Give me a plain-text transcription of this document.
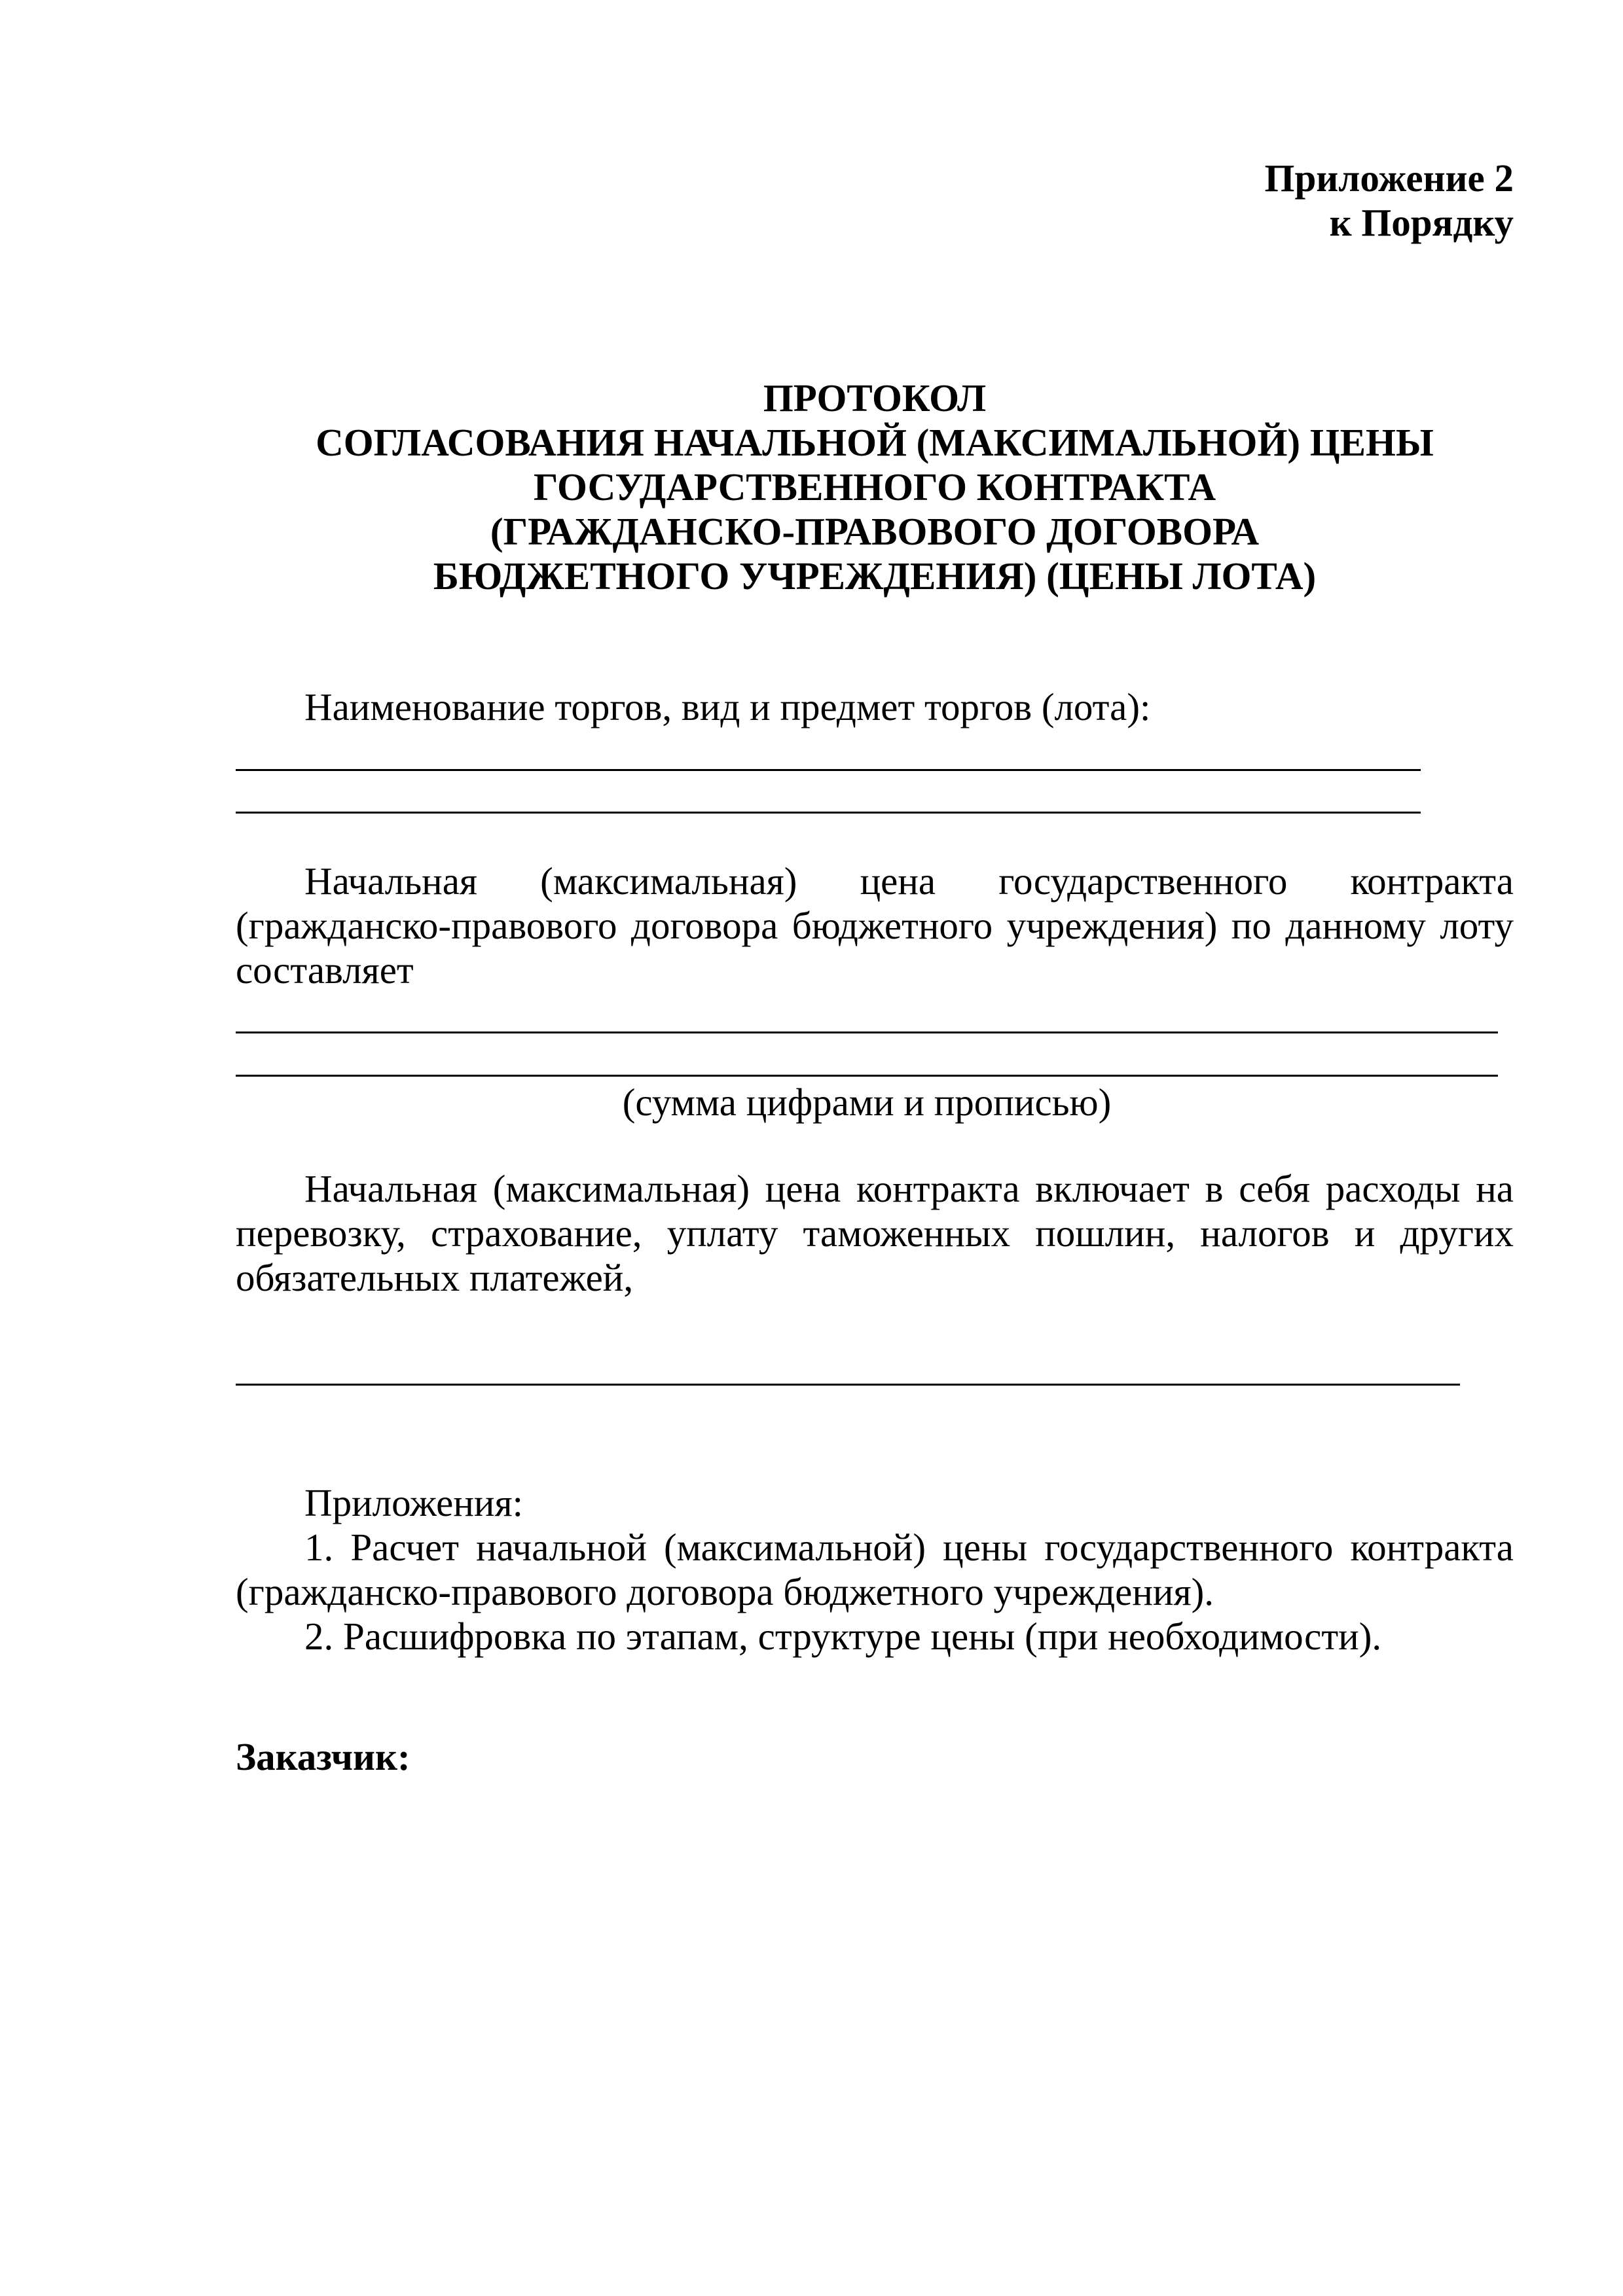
Приложение 2
к Порядку
ПРОТОКОЛ
СОГЛАСОВАНИЯ НАЧАЛЬНОЙ (МАКСИМАЛЬНОЙ) ЦЕНЫ
ГОСУДАРСТВЕННОГО КОНТРАКТА
(ГРАЖДАНСКО-ПРАВОВОГО ДОГОВОРА
БЮДЖЕТНОГО УЧРЕЖДЕНИЯ) (ЦЕНЫ ЛОТА)
Наименование торгов, вид и предмет торгов (лота):
Начальная (максимальная) цена государственного контракта
(гражданско-правового договора бюджетного учреждения) по данному лоту
составляет
(сумма цифрами и прописью)
Начальная (максимальная) цена контракта включает в себя расходы на
перевозку, страхование, уплату таможенных пошлин, налогов и других
обязательных платежей,
Приложения:
1. Расчет начальной (максимальной) цены государственного контракта
(гражданско-правового договора бюджетного учреждения).
2. Расшифровка по этапам, структуре цены (при необходимости).
Заказчик:
